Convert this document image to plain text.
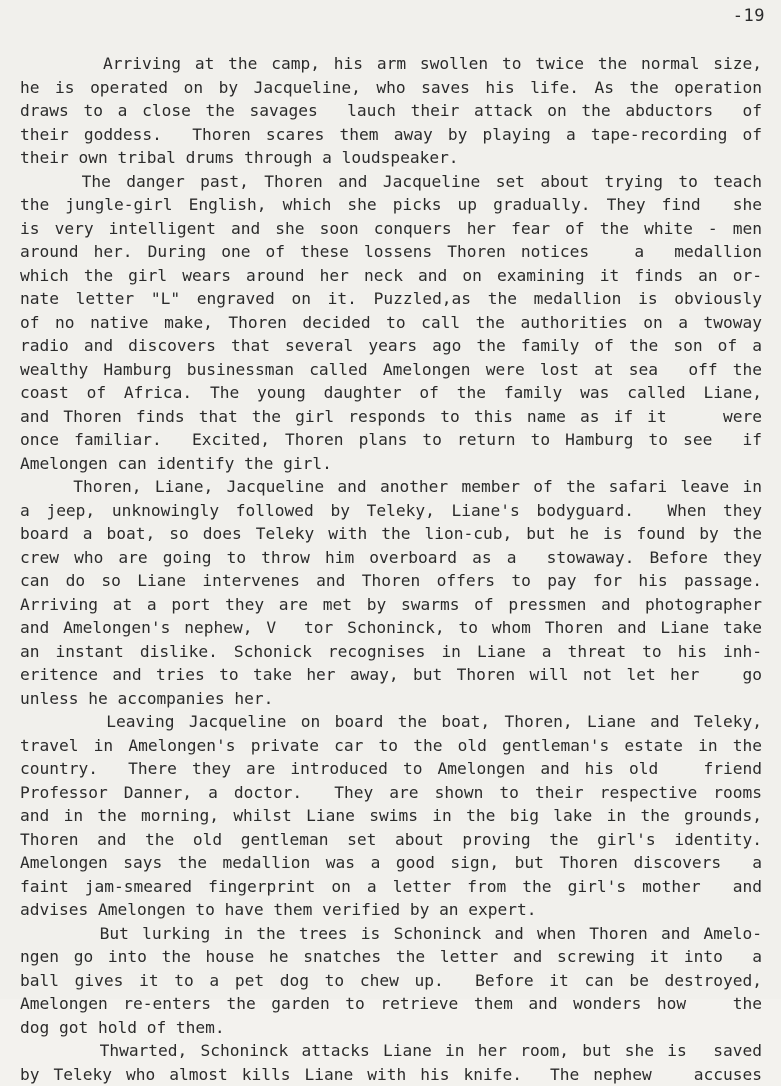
-19
Arriving at the camp, his arm swollen to twice the normal size,
he is operated on by Jacqueline, who saves his life. As the operation
draws to a close the savages  lauch their attack on the abductors  of
their goddess.  Thoren scares them away by playing a tape-recording of
their own tribal drums through a loudspeaker.
The danger past, Thoren and Jacqueline set about trying to teach
the jungle-girl English, which she picks up gradually. They find  she
is very intelligent and she soon conquers her fear of the white - men
around her. During one of these lossens Thoren notices   a  medallion
which the girl wears around her neck and on examining it finds an or-
nate letter "L" engraved on it. Puzzled,as the medallion is obviously
of no native make, Thoren decided to call the authorities on a twoway
radio and discovers that several years ago the family of the son of a
wealthy Hamburg businessman called Amelongen were lost at sea  off the
coast of Africa. The young daughter of the family was called Liane,
and Thoren finds that the girl responds to this name as if it    were
once familiar.  Excited, Thoren plans to return to Hamburg to see  if
Amelongen can identify the girl.
Thoren, Liane, Jacqueline and another member of the safari leave in
a jeep, unknowingly followed by Teleky, Liane's bodyguard.  When they
board a boat, so does Teleky with the lion-cub, but he is found by the
crew who are going to throw him overboard as a  stowaway. Before they
can do so Liane intervenes and Thoren offers to pay for his passage.
Arriving at a port they are met by swarms of pressmen and photographer
and Amelongen's nephew, V  tor Schoninck, to whom Thoren and Liane take
an instant dislike. Schonick recognises in Liane a threat to his inh-
eritence and tries to take her away, but Thoren will not let her   go
unless he accompanies her.
Leaving Jacqueline on board the boat, Thoren, Liane and Teleky,
travel in Amelongen's private car to the old gentleman's estate in the
country.  There they are introduced to Amelongen and his old   friend
Professor Danner, a doctor.  They are shown to their respective rooms
and in the morning, whilst Liane swims in the big lake in the grounds,
Thoren and the old gentleman set about proving the girl's identity.
Amelongen says the medallion was a good sign, but Thoren discovers  a
faint jam-smeared fingerprint on a letter from the girl's mother  and
advises Amelongen to have them verified by an expert.
But lurking in the trees is Schoninck and when Thoren and Amelo-
ngen go into the house he snatches the letter and screwing it into  a
ball gives it to a pet dog to chew up.  Before it can be destroyed,
Amelongen re-enters the garden to retrieve them and wonders how   the
dog got hold of them.
Thwarted, Schoninck attacks Liane in her room, but she is  saved
by Teleky who almost kills Liane with his knife.  The nephew   accuses
